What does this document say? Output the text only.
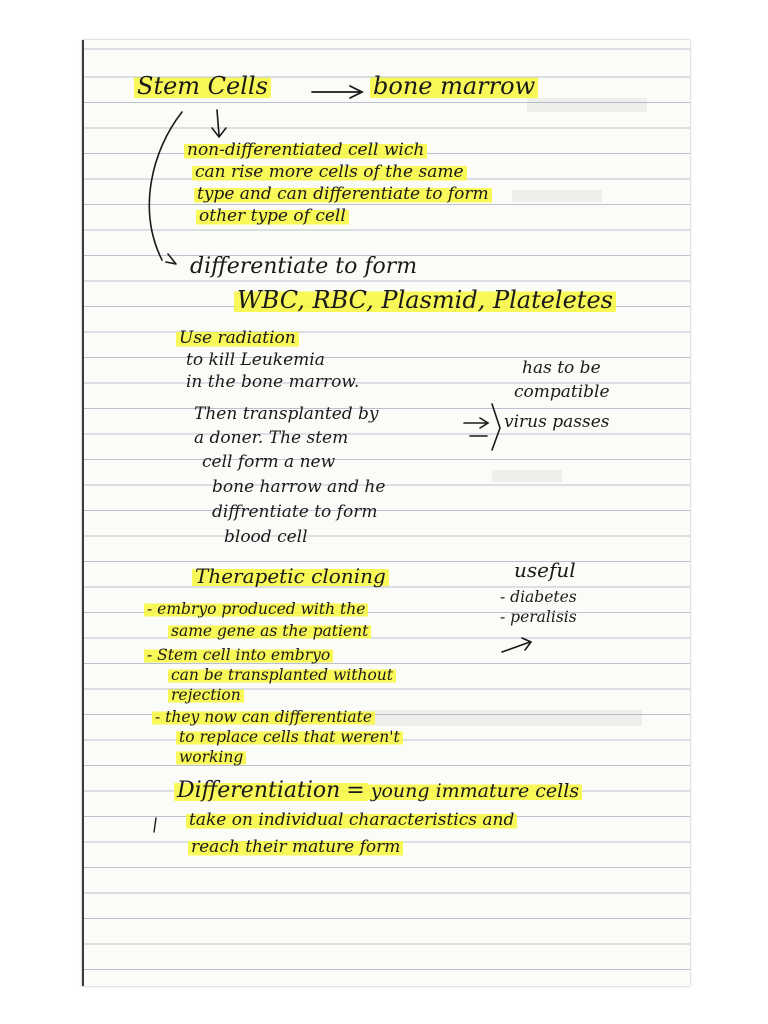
Stem Cells	bone marrow
non-differentiated cell wich
can rise more cells of the same
type and can differentiate to form
other type of cell
differentiate to form
WBC, RBC, Plasmid, Plateletes
Use radiation
to kill Leukemia
in the bone marrow.
Then transplanted by
a doner. The stem
cell form a new
bone harrow and he
diffrentiate to form
blood cell
has to be
compatible
virus passes
Therapetic cloning	useful
- diabetes
- peralisis
- embryo produced with the
same gene as the patient
- Stem cell into embryo
can be transplanted without
rejection
- they now can differentiate
to replace cells that weren't
working
Differentiation = young immature cells
take on individual characteristics and
reach their mature form
